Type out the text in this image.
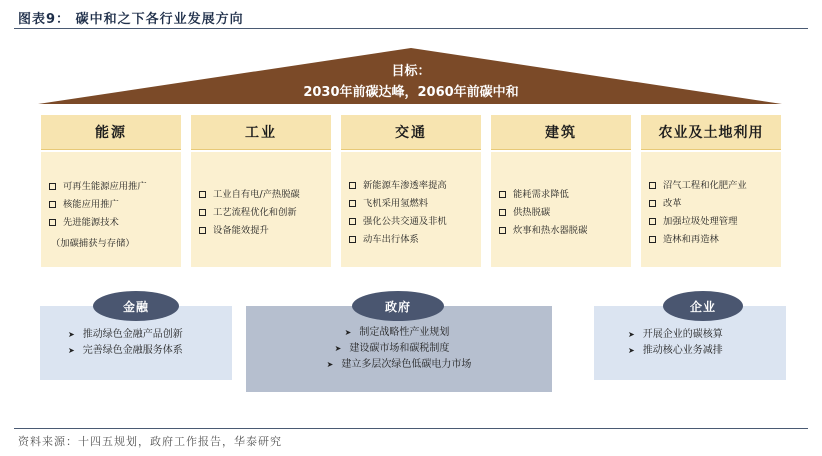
图表9： 碳中和之下各行业发展方向
目标：
2030年前碳达峰，2060年前碳中和
能源
可再生能源应用推广
核能应用推广
先进能源技术
（加碳捕获与存储）
工业
工业自有电/产热脱碳
工艺流程优化和创新
设备能效提升
交通
新能源车渗透率提高
飞机采用氢燃料
强化公共交通及非机
动车出行体系
建筑
能耗需求降低
供热脱碳
炊事和热水器脱碳
农业及土地利用
沼气工程和化肥产业
改革
加强垃圾处理管理
造林和再造林
➤ 推动绿色金融产品创新
➤ 完善绿色金融服务体系
金融
➤ 制定战略性产业规划
➤ 建设碳市场和碳税制度
➤ 建立多层次绿色低碳电力市场
政府
➤ 开展企业的碳核算
➤ 推动核心业务减排
企业
资料来源：十四五规划，政府工作报告，华泰研究
